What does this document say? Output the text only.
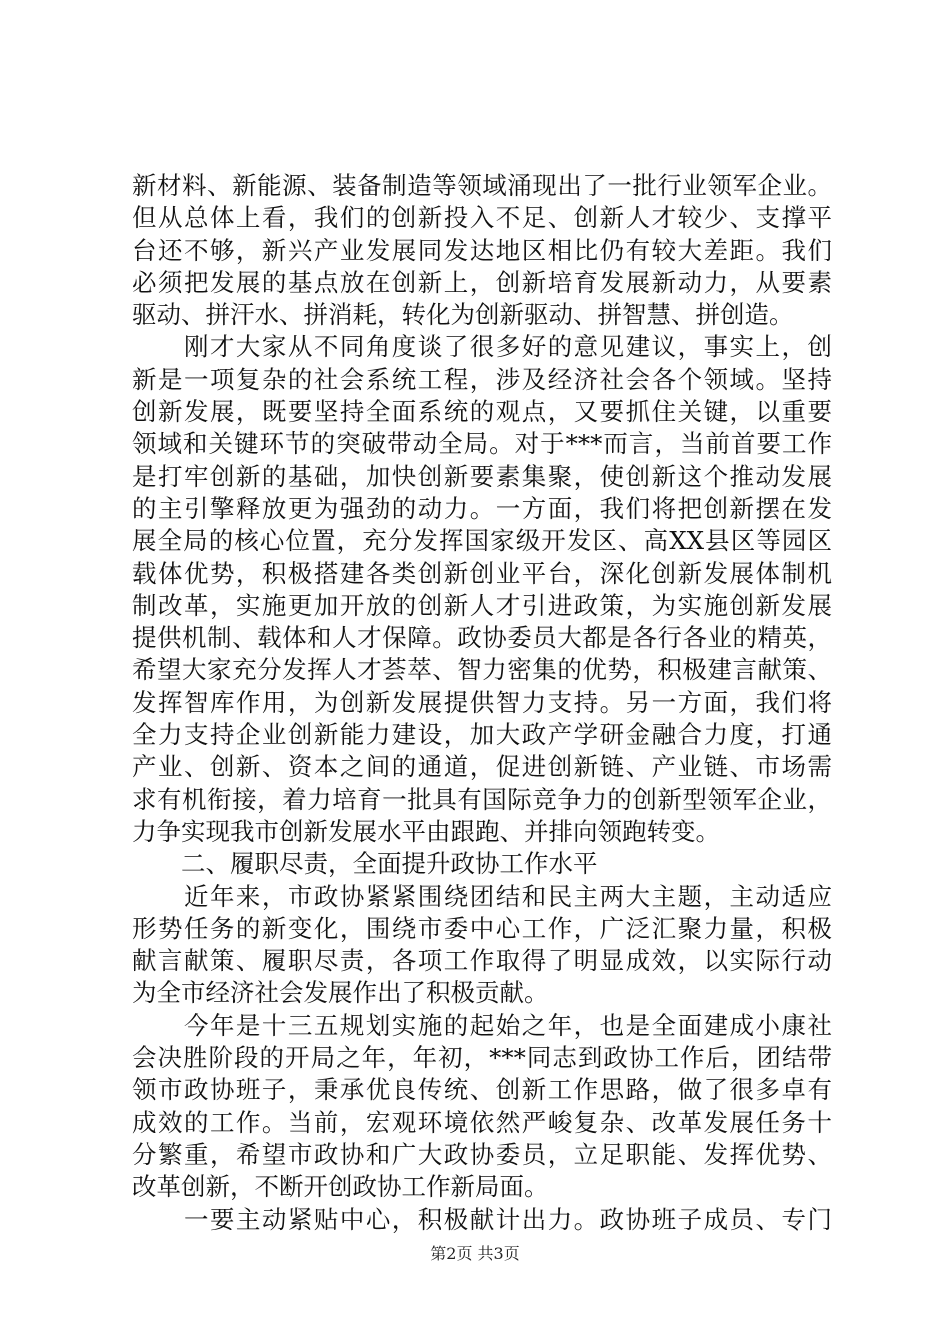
新材料、新能源、装备制造等领域涌现出了一批行业领军企业。
但从总体上看，我们的创新投入不足、创新人才较少、支撑平
台还不够，新兴产业发展同发达地区相比仍有较大差距。我们
必须把发展的基点放在创新上，创新培育发展新动力，从要素
驱动、拼汗水、拼消耗，转化为创新驱动、拼智慧、拼创造。
　　刚才大家从不同角度谈了很多好的意见建议，事实上，创
新是一项复杂的社会系统工程，涉及经济社会各个领域。坚持
创新发展，既要坚持全面系统的观点，又要抓住关键，以重要
领域和关键环节的突破带动全局。对于***而言，当前首要工作
是打牢创新的基础，加快创新要素集聚，使创新这个推动发展
的主引擎释放更为强劲的动力。一方面，我们将把创新摆在发
展全局的核心位置，充分发挥国家级开发区、高XX县区等园区
载体优势，积极搭建各类创新创业平台，深化创新发展体制机
制改革，实施更加开放的创新人才引进政策，为实施创新发展
提供机制、载体和人才保障。政协委员大都是各行各业的精英，
希望大家充分发挥人才荟萃、智力密集的优势，积极建言献策、
发挥智库作用，为创新发展提供智力支持。另一方面，我们将
全力支持企业创新能力建设，加大政产学研金融合力度，打通
产业、创新、资本之间的通道，促进创新链、产业链、市场需
求有机衔接，着力培育一批具有国际竞争力的创新型领军企业，
力争实现我市创新发展水平由跟跑、并排向领跑转变。
　　二、履职尽责，全面提升政协工作水平
　　近年来，市政协紧紧围绕团结和民主两大主题，主动适应
形势任务的新变化，围绕市委中心工作，广泛汇聚力量，积极
献言献策、履职尽责，各项工作取得了明显成效，以实际行动
为全市经济社会发展作出了积极贡献。
　　今年是十三五规划实施的起始之年，也是全面建成小康社
会决胜阶段的开局之年，年初，***同志到政协工作后，团结带
领市政协班子，秉承优良传统、创新工作思路，做了很多卓有
成效的工作。当前，宏观环境依然严峻复杂、改革发展任务十
分繁重，希望市政协和广大政协委员，立足职能、发挥优势、
改革创新，不断开创政协工作新局面。
　　一要主动紧贴中心，积极献计出力。政协班子成员、专门
第2页 共3页
